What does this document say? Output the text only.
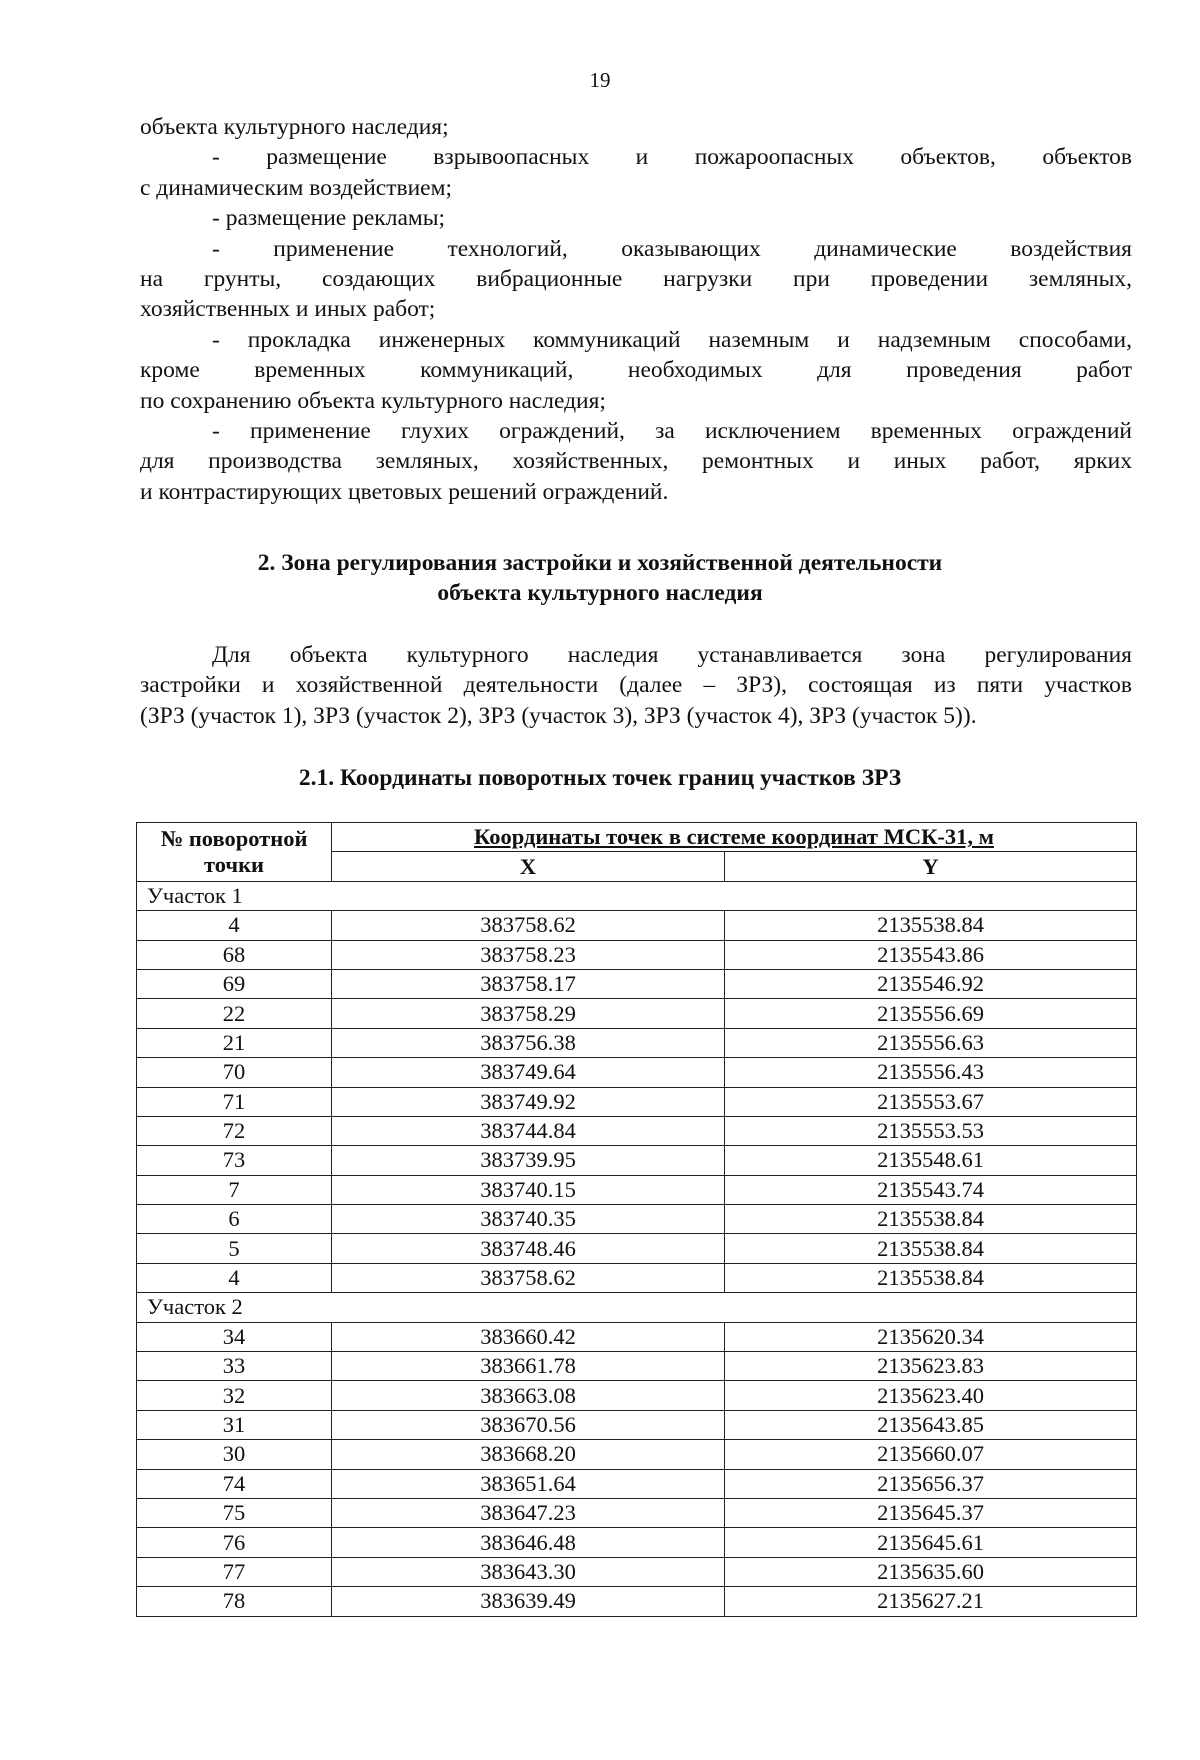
19
объекта культурного наследия;
- размещение взрывоопасных и пожароопасных объектов, объектов
с динамическим воздействием;
- размещение рекламы;
- применение технологий, оказывающих динамические воздействия
на грунты, создающих вибрационные нагрузки при проведении земляных,
хозяйственных и иных работ;
- прокладка инженерных коммуникаций наземным и надземным способами,
кроме временных коммуникаций, необходимых для проведения работ
по сохранению объекта культурного наследия;
- применение глухих ограждений, за исключением временных ограждений
для производства земляных, хозяйственных, ремонтных и иных работ, ярких
и контрастирующих цветовых решений ограждений.
2. Зона регулирования застройки и хозяйственной деятельности
объекта культурного наследия
Для объекта культурного наследия устанавливается зона регулирования
застройки и хозяйственной деятельности (далее – ЗРЗ), состоящая из пяти участков
(ЗРЗ (участок 1), ЗРЗ (участок 2), ЗРЗ (участок 3), ЗРЗ (участок 4), ЗРЗ (участок 5)).
2.1. Координаты поворотных точек границ участков ЗРЗ
№ поворотной
точки	Координаты точек в системе координат МСК-31, м	
	X	Y
Участок 1		
4	383758.62	2135538.84
68	383758.23	2135543.86
69	383758.17	2135546.92
22	383758.29	2135556.69
21	383756.38	2135556.63
70	383749.64	2135556.43
71	383749.92	2135553.67
72	383744.84	2135553.53
73	383739.95	2135548.61
7	383740.15	2135543.74
6	383740.35	2135538.84
5	383748.46	2135538.84
4	383758.62	2135538.84
Участок 2		
34	383660.42	2135620.34
33	383661.78	2135623.83
32	383663.08	2135623.40
31	383670.56	2135643.85
30	383668.20	2135660.07
74	383651.64	2135656.37
75	383647.23	2135645.37
76	383646.48	2135645.61
77	383643.30	2135635.60
78	383639.49	2135627.21
